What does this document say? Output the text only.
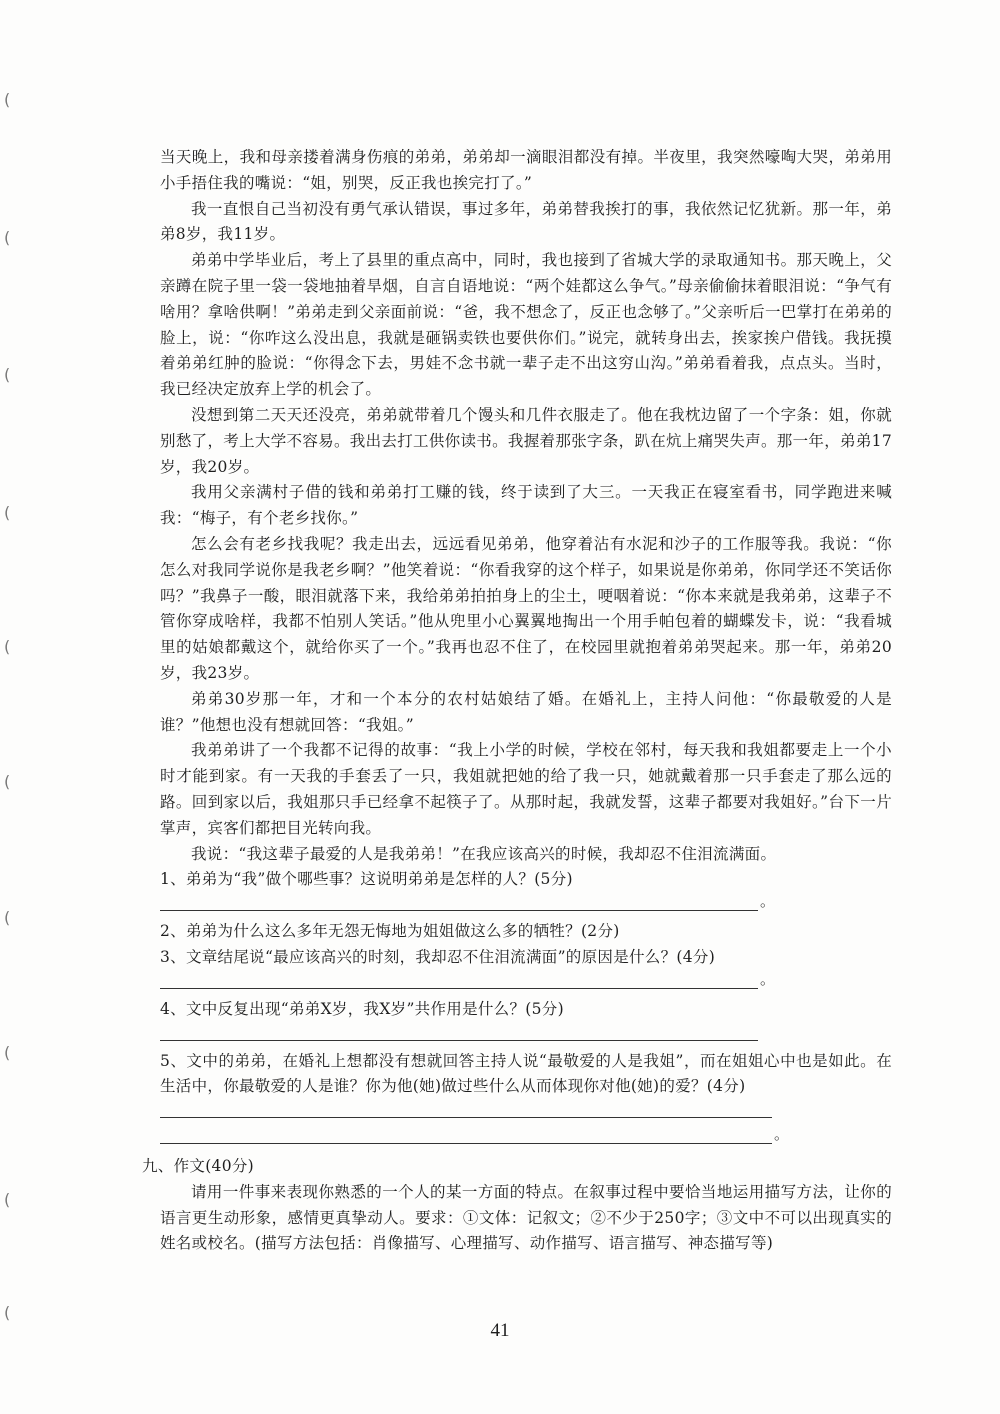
(
(
(
(
(
(
(
(
(
(

当天晚上，我和母亲搂着满身伤痕的弟弟，弟弟却一滴眼泪都没有掉。半夜里，我突然嚎啕大哭，弟弟用小手捂住我的嘴说：“姐，别哭，反正我也挨完打了。”

我一直恨自己当初没有勇气承认错误，事过多年，弟弟替我挨打的事，我依然记忆犹新。那一年，弟弟8岁，我11岁。

弟弟中学毕业后，考上了县里的重点高中，同时，我也接到了省城大学的录取通知书。那天晚上，父亲蹲在院子里一袋一袋地抽着旱烟，自言自语地说：“两个娃都这么争气。”母亲偷偷抹着眼泪说：“争气有啥用？拿啥供啊！”弟弟走到父亲面前说：“爸，我不想念了，反正也念够了。”父亲听后一巴掌打在弟弟的脸上，说：“你咋这么没出息，我就是砸锅卖铁也要供你们。”说完，就转身出去，挨家挨户借钱。我抚摸着弟弟红肿的脸说：“你得念下去，男娃不念书就一辈子走不出这穷山沟。”弟弟看着我，点点头。当时，我已经决定放弃上学的机会了。

没想到第二天天还没亮，弟弟就带着几个馒头和几件衣服走了。他在我枕边留了一个字条：姐，你就别愁了，考上大学不容易。我出去打工供你读书。我握着那张字条，趴在炕上痛哭失声。那一年，弟弟17岁，我20岁。

我用父亲满村子借的钱和弟弟打工赚的钱，终于读到了大三。一天我正在寝室看书，同学跑进来喊我：“梅子，有个老乡找你。”

怎么会有老乡找我呢？我走出去，远远看见弟弟，他穿着沾有水泥和沙子的工作服等我。我说：“你怎么对我同学说你是我老乡啊？”他笑着说：“你看我穿的这个样子，如果说是你弟弟，你同学还不笑话你吗？”我鼻子一酸，眼泪就落下来，我给弟弟拍拍身上的尘土，哽咽着说：“你本来就是我弟弟，这辈子不管你穿成啥样，我都不怕别人笑话。”他从兜里小心翼翼地掏出一个用手帕包着的蝴蝶发卡，说：“我看城里的姑娘都戴这个，就给你买了一个。”我再也忍不住了，在校园里就抱着弟弟哭起来。那一年，弟弟20岁，我23岁。

弟弟30岁那一年，才和一个本分的农村姑娘结了婚。在婚礼上，主持人问他：“你最敬爱的人是谁？”他想也没有想就回答：“我姐。”

我弟弟讲了一个我都不记得的故事：“我上小学的时候，学校在邻村，每天我和我姐都要走上一个小时才能到家。有一天我的手套丢了一只，我姐就把她的给了我一只，她就戴着那一只手套走了那么远的路。回到家以后，我姐那只手已经拿不起筷子了。从那时起，我就发誓，这辈子都要对我姐好。”台下一片掌声，宾客们都把目光转向我。

我说：“我这辈子最爱的人是我弟弟！”在我应该高兴的时候，我却忍不住泪流满面。

1、弟弟为“我”做个哪些事？这说明弟弟是怎样的人？(5分)

。

2、弟弟为什么这么多年无怨无悔地为姐姐做这么多的牺牲？(2分)

3、文章结尾说“最应该高兴的时刻，我却忍不住泪流满面”的原因是什么？(4分)

。

4、文中反复出现“弟弟X岁，我X岁”共作用是什么？(5分)

5、文中的弟弟，在婚礼上想都没有想就回答主持人说“最敬爱的人是我姐”，而在姐姐心中也是如此。在生活中，你最敬爱的人是谁？你为他(她)做过些什么从而体现你对他(她)的爱？(4分)

。

九、作文(40分)

请用一件事来表现你熟悉的一个人的某一方面的特点。在叙事过程中要恰当地运用描写方法，让你的语言更生动形象，感情更真挚动人。要求：①文体：记叙文；②不少于250字；③文中不可以出现真实的姓名或校名。(描写方法包括：肖像描写、心理描写、动作描写、语言描写、神态描写等)

41
